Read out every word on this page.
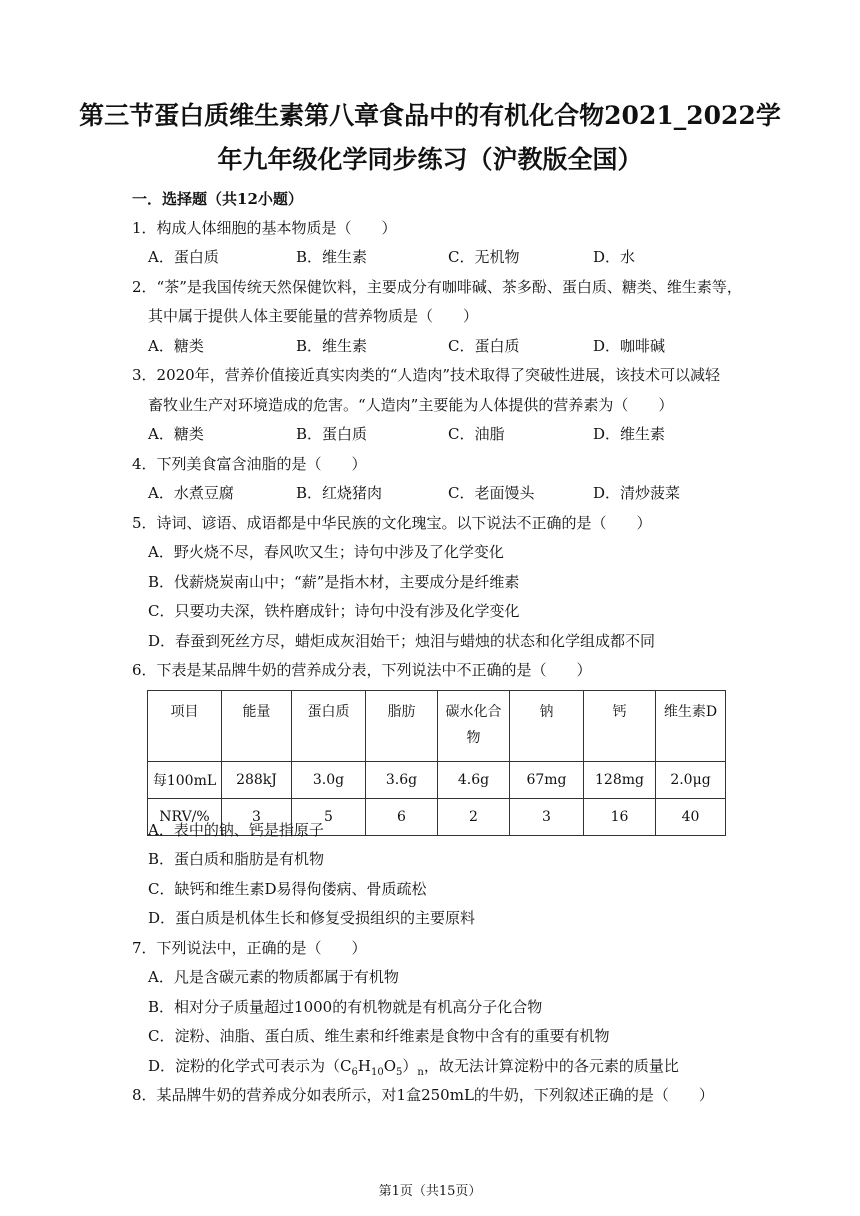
第三节蛋白质维生素第八章食品中的有机化合物2021_2022学
年九年级化学同步练习（沪教版全国）
一．选择题（共12小题）
1．构成人体细胞的基本物质是（　　）
A．蛋白质	B．维生素	C．无机物	D．水
2．“茶”是我国传统天然保健饮料，主要成分有咖啡碱、茶多酚、蛋白质、糖类、维生素等，
其中属于提供人体主要能量的营养物质是（　　）
A．糖类	B．维生素	C．蛋白质	D．咖啡碱
3．2020年，营养价值接近真实肉类的“人造肉”技术取得了突破性进展，该技术可以减轻
畜牧业生产对环境造成的危害。“人造肉”主要能为人体提供的营养素为（　　）
A．糖类	B．蛋白质	C．油脂	D．维生素
4．下列美食富含油脂的是（　　）
A．水煮豆腐	B．红烧猪肉	C．老面馒头	D．清炒菠菜
5．诗词、谚语、成语都是中华民族的文化瑰宝。以下说法不正确的是（　　）
A．野火烧不尽，春风吹又生；诗句中涉及了化学变化
B．伐薪烧炭南山中；“薪”是指木材，主要成分是纤维素
C．只要功夫深，铁杵磨成针；诗句中没有涉及化学变化
D．春蚕到死丝方尽，蜡炬成灰泪始干；烛泪与蜡烛的状态和化学组成都不同
6．下表是某品牌牛奶的营养成分表，下列说法中不正确的是（　　）
项目	能量	蛋白质	脂肪	碳水化合物	钠	钙	维生素D
每100mL	288kJ	3.0g	3.6g	4.6g	67mg	128mg	2.0μg
NRV/%	3	5	6	2	3	16	40
A．表中的钠、钙是指原子
B．蛋白质和脂肪是有机物
C．缺钙和维生素D易得佝偻病、骨质疏松
D．蛋白质是机体生长和修复受损组织的主要原料
7．下列说法中，正确的是（　　）
A．凡是含碳元素的物质都属于有机物
B．相对分子质量超过1000的有机物就是有机高分子化合物
C．淀粉、油脂、蛋白质、维生素和纤维素是食物中含有的重要有机物
D．淀粉的化学式可表示为$(C_6H_{10}O_5)_n$，故无法计算淀粉中的各元素的质量比
8．某品牌牛奶的营养成分如表所示，对1盒250mL的牛奶，下列叙述正确的是（　　）
第1页（共15页）
